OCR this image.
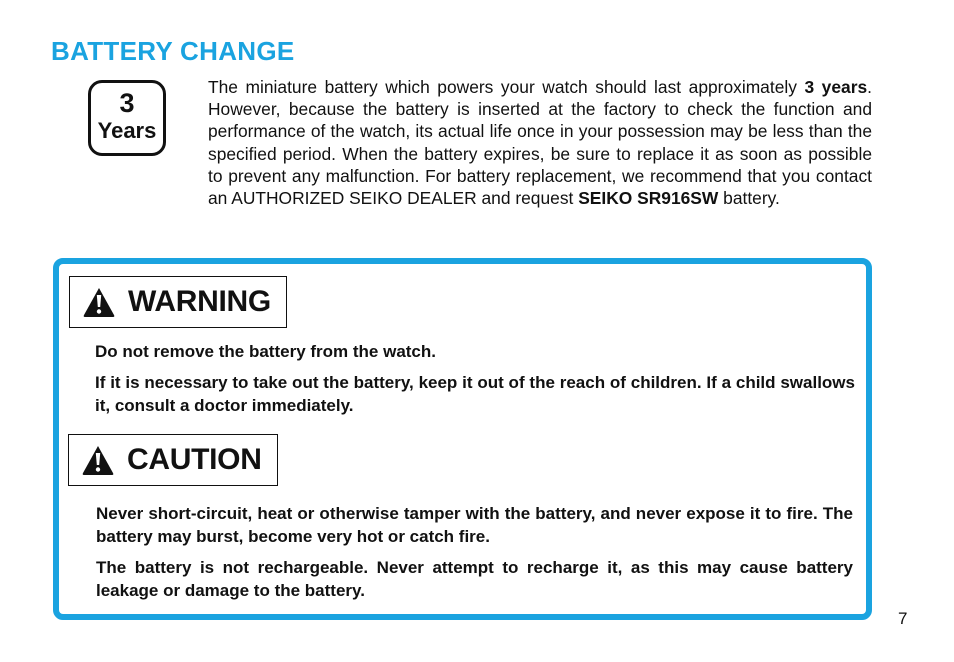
BATTERY CHANGE
3
Years

The miniature battery which powers your watch should last approximately 3 years. However, because the battery is inserted at the factory to check the function and performance of the watch, its actual life once in your possession may be less than the specified period. When the battery expires, be sure to replace it as soon as possible to prevent any malfunction. For battery replacement, we recommend that you contact an AUTHORIZED SEIKO DEALER and request SEIKO SR916SW battery.

WARNING

Do not remove the battery from the watch.

If it is necessary to take out the battery, keep it out of the reach of children. If a child swallows it, consult a doctor immediately.

CAUTION

Never short-circuit, heat or otherwise tamper with the battery, and never expose it to fire. The battery may burst, become very hot or catch fire.

The battery is not rechargeable. Never attempt to recharge it, as this may cause battery leakage or damage to the battery.

7
